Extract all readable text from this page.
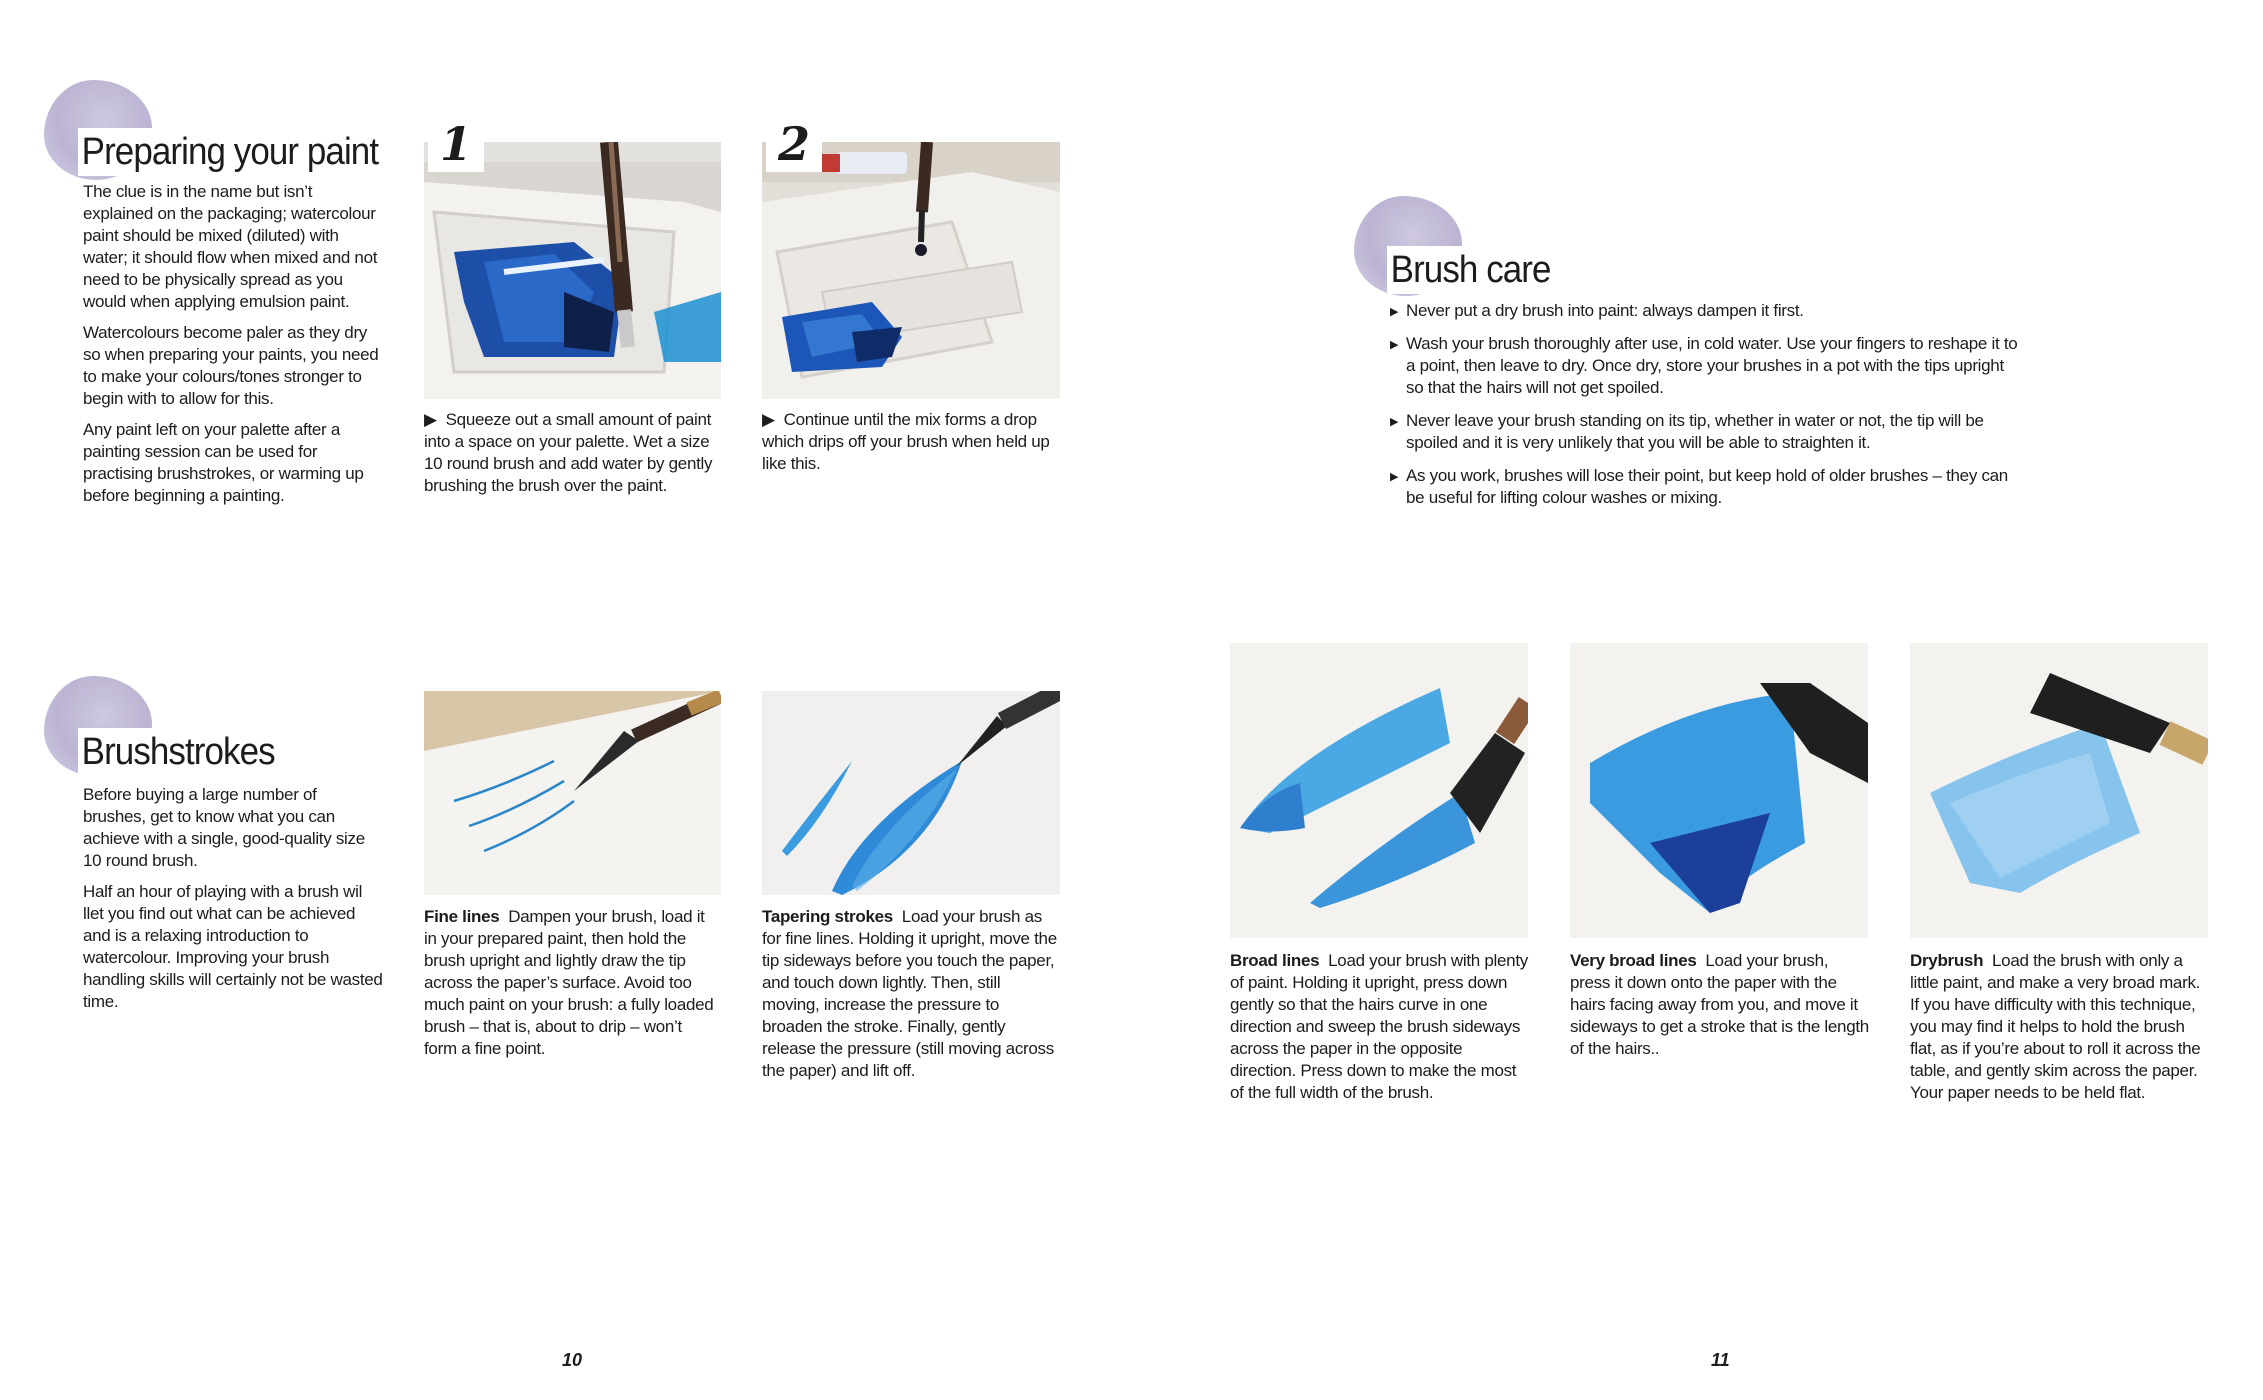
Preparing your paint

The clue is in the name but isn’t explained on the packaging; watercolour paint should be mixed (diluted) with water; it should flow when mixed and not need to be physically spread as you would when applying emulsion paint.

Watercolours become paler as they dry so when preparing your paints, you need to make your colours/tones stronger to begin with to allow for this.

Any paint left on your palette after a painting session can be used for practising brushstrokes, or warming up before beginning a painting.

1
▶  Squeeze out a small amount of paint into a space on your palette. Wet a size 10 round brush and add water by gently brushing the brush over the paint.
2
▶  Continue until the mix forms a drop which drips off your brush when held up like this.
Brushstrokes

Before buying a large number of brushes, get to know what you can achieve with a single, good-quality size 10 round brush.

Half an hour of playing with a brush wil llet you find out what can be achieved and is a relaxing introduction to watercolour. Improving your brush handling skills will certainly not be wasted time.

Fine lines Dampen your brush, load it in your prepared paint, then hold the brush upright and lightly draw the tip across the paper’s surface. Avoid too much paint on your brush: a fully loaded brush – that is, about to drip – won’t form a fine point.
Tapering strokes Load your brush as for fine lines. Holding it upright, move the tip sideways before you touch the paper, and touch down lightly. Then, still moving, increase the pressure to broaden the stroke. Finally, gently release the pressure (still moving across the paper) and lift off.
10
Brush care
▶ Never put a dry brush into paint: always dampen it first.
▶ Wash your brush thoroughly after use, in cold water. Use your fingers to reshape it to a point, then leave to dry. Once dry, store your brushes in a pot with the tips upright so that the hairs will not get spoiled.
▶ Never leave your brush standing on its tip, whether in water or not, the tip will be spoiled and it is very unlikely that you will be able to straighten it.
▶ As you work, brushes will lose their point, but keep hold of older brushes – they can be useful for lifting colour washes or mixing.
Broad lines Load your brush with plenty of paint. Holding it upright, press down gently so that the hairs curve in one direction and sweep the brush sideways across the paper in the opposite direction. Press down to make the most of the full width of the brush.
Very broad lines Load your brush, press it down onto the paper with the hairs facing away from you, and move it sideways to get a stroke that is the length of the hairs..
Drybrush Load the brush with only a little paint, and make a very broad mark. If you have difficulty with this technique, you may find it helps to hold the brush flat, as if you’re about to roll it across the table, and gently skim across the paper. Your paper needs to be held flat.
11
